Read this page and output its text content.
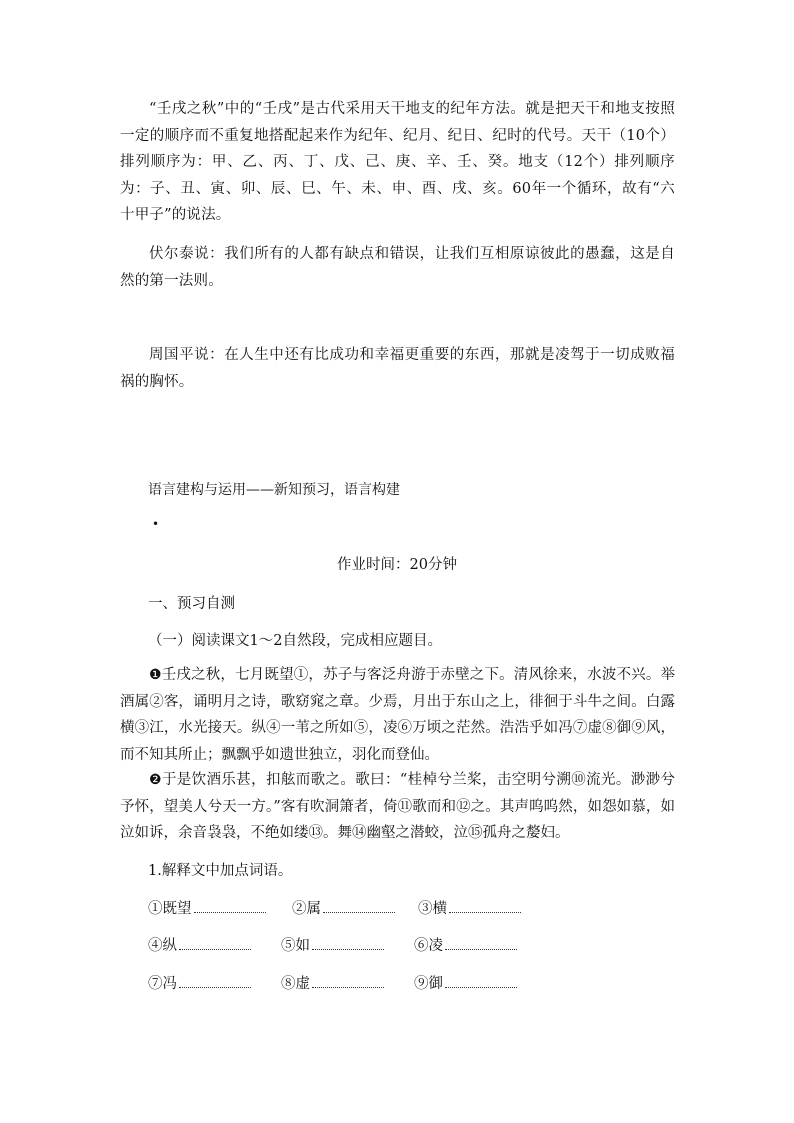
“壬戌之秋”中的“壬戌”是古代采用天干地支的纪年方法。就是把天干和地支按照一定的顺序而不重复地搭配起来作为纪年、纪月、纪日、纪时的代号。天干（10个）排列顺序为：甲、乙、丙、丁、戊、己、庚、辛、壬、癸。地支（12个）排列顺序为：子、丑、寅、卯、辰、巳、午、未、申、酉、戌、亥。60年一个循环，故有“六十甲子”的说法。

伏尔泰说：我们所有的人都有缺点和错误，让我们互相原谅彼此的愚蠢，这是自然的第一法则。

周国平说：在人生中还有比成功和幸福更重要的东西，那就是凌驾于一切成败福祸的胸怀。

语言建构与运用——新知预习，语言构建
•
作业时间：20分钟
一、预习自测
（一）阅读课文1～2自然段，完成相应题目。

❶壬戌之秋，七月既望①，苏子与客泛舟游于赤壁之下。清风徐来，水波不兴。举酒属②客，诵明月之诗，歌窈窕之章。少焉，月出于东山之上，徘徊于斗牛之间。白露横③江，水光接天。纵④一苇之所如⑤，凌⑥万顷之茫然。浩浩乎如冯⑦虚⑧御⑨风，而不知其所止；飘飘乎如遗世独立，羽化而登仙。

❷于是饮酒乐甚，扣舷而歌之。歌曰：“桂棹兮兰桨，击空明兮溯⑩流光。渺渺兮予怀，望美人兮天一方。”客有吹洞箫者，倚⑪歌而和⑫之。其声呜呜然，如怨如慕，如泣如诉，余音袅袅，不绝如缕⑬。舞⑭幽壑之潜蛟，泣⑮孤舟之嫠妇。

1.解释文中加点词语。
①既望	②属	③横
④纵	⑤如	⑥凌
⑦冯	⑧虚	⑨御
